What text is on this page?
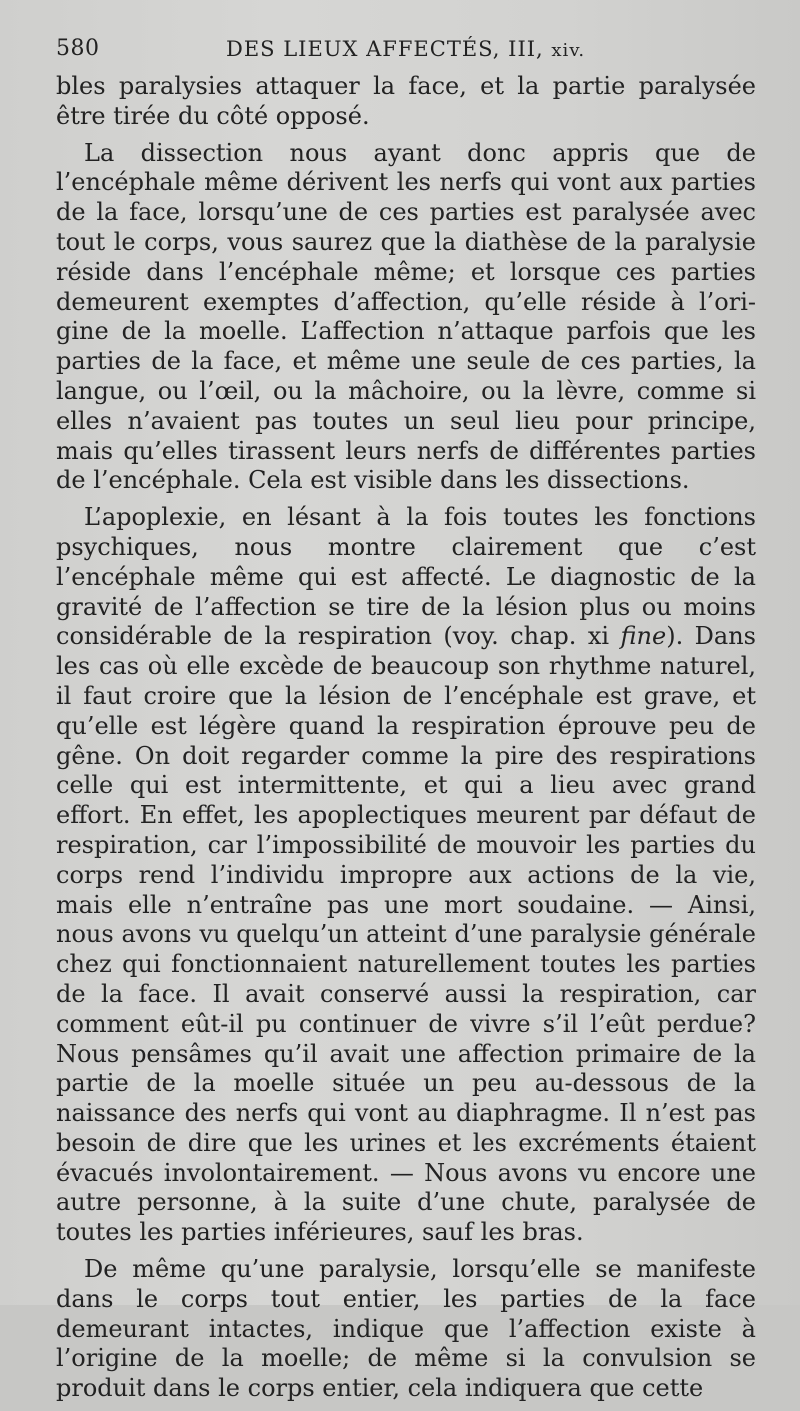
580	DES LIEUX AFFECTÉS, III, xiv.

bles paralysies attaquer la face, et la partie paralysée être tirée du côté opposé.

La dissection nous ayant donc appris que de l’encéphale même dérivent les nerfs qui vont aux parties de la face, lorsqu’une de ces parties est paralysée avec tout le corps, vous saurez que la diathèse de la paralysie réside dans l’encéphale même; et lorsque ces parties demeurent exemptes d’affection, qu’elle réside à l’origine de la moelle. L’affection n’attaque parfois que les parties de la face, et même une seule de ces parties, la langue, ou l’œil, ou la mâchoire, ou la lèvre, comme si elles n’avaient pas toutes un seul lieu pour principe, mais qu’elles tirassent leurs nerfs de différentes parties de l’encéphale. Cela est visible dans les dissections.

L’apoplexie, en lésant à la fois toutes les fonctions psychiques, nous montre clairement que c’est l’encéphale même qui est affecté. Le diagnostic de la gravité de l’affection se tire de la lésion plus ou moins considérable de la respiration (voy. chap. xi fine). Dans les cas où elle excède de beaucoup son rhythme naturel, il faut croire que la lésion de l’encéphale est grave, et qu’elle est légère quand la respiration éprouve peu de gêne. On doit regarder comme la pire des respirations celle qui est intermittente, et qui a lieu avec grand effort. En effet, les apoplectiques meurent par défaut de respiration, car l’impossibilité de mouvoir les parties du corps rend l’individu impropre aux actions de la vie, mais elle n’entraîne pas une mort soudaine. — Ainsi, nous avons vu quelqu’un atteint d’une paralysie générale chez qui fonctionnaient naturellement toutes les parties de la face. Il avait conservé aussi la respiration, car comment eût-il pu continuer de vivre s’il l’eût perdue? Nous pensâmes qu’il avait une affection primaire de la partie de la moelle située un peu au-dessous de la naissance des nerfs qui vont au diaphragme. Il n’est pas besoin de dire que les urines et les excréments étaient évacués involontairement. — Nous avons vu encore une autre personne, à la suite d’une chute, paralysée de toutes les parties inférieures, sauf les bras.

De même qu’une paralysie, lorsqu’elle se manifeste dans le corps tout entier, les parties de la face demeurant intactes, indique que l’affection existe à l’origine de la moelle; de même si la convulsion se produit dans le corps entier, cela indiquera que cette
